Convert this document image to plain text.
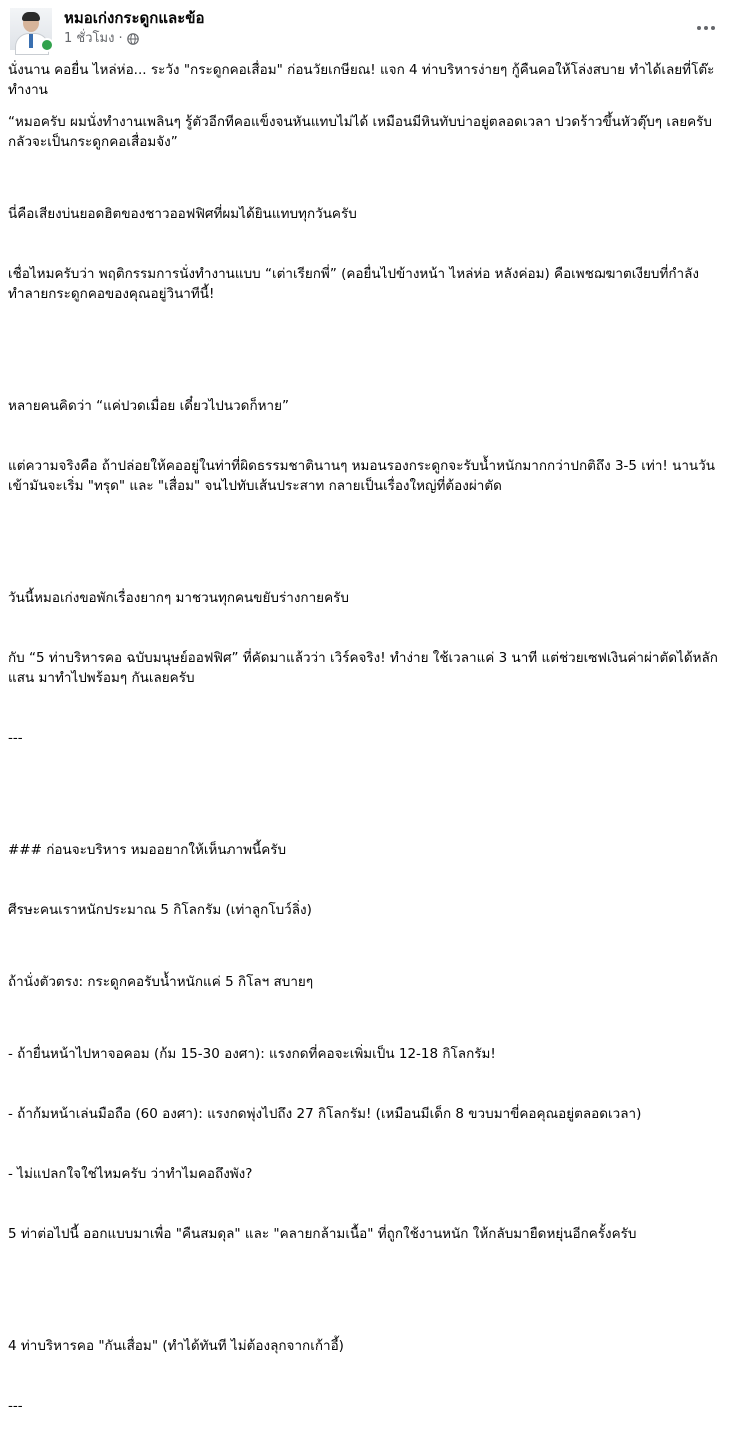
หมอเก่งกระดูกและข้อ
1 ชั่วโมง ·

นั่งนาน คอยื่น ไหล่ห่อ... ระวัง "กระดูกคอเสื่อม" ก่อนวัยเกษียณ! แจก 4 ท่าบริหารง่ายๆ กู้คืนคอให้โล่งสบาย ทำได้เลยที่โต๊ะทำงาน

“หมอครับ ผมนั่งทำงานเพลินๆ รู้ตัวอีกทีคอแข็งจนหันแทบไม่ได้ เหมือนมีหินทับบ่าอยู่ตลอดเวลา ปวดร้าวขึ้นหัวตุ๊บๆ เลยครับ กลัวจะเป็นกระดูกคอเสื่อมจัง”

นี่คือเสียงบ่นยอดฮิตของชาวออฟฟิศที่ผมได้ยินแทบทุกวันครับ

เชื่อไหมครับว่า พฤติกรรมการนั่งทำงานแบบ “เต่าเรียกพี่” (คอยื่นไปข้างหน้า ไหล่ห่อ หลังค่อม) คือเพชฌฆาตเงียบที่กำลังทำลายกระดูกคอของคุณอยู่วินาทีนี้!

หลายคนคิดว่า “แค่ปวดเมื่อย เดี๋ยวไปนวดก็หาย”

แต่ความจริงคือ ถ้าปล่อยให้คออยู่ในท่าที่ผิดธรรมชาตินานๆ หมอนรองกระดูกจะรับน้ำหนักมากกว่าปกติถึง 3-5 เท่า! นานวันเข้ามันจะเริ่ม "ทรุด" และ "เสื่อม" จนไปทับเส้นประสาท กลายเป็นเรื่องใหญ่ที่ต้องผ่าตัด

วันนี้หมอเก่งขอพักเรื่องยากๆ มาชวนทุกคนขยับร่างกายครับ

กับ “5 ท่าบริหารคอ ฉบับมนุษย์ออฟฟิศ” ที่คัดมาแล้วว่า เวิร์คจริง! ทำง่าย ใช้เวลาแค่ 3 นาที แต่ช่วยเซฟเงินค่าผ่าตัดได้หลักแสน มาทำไปพร้อมๆ กันเลยครับ

---

### ก่อนจะบริหาร หมออยากให้เห็นภาพนี้ครับ

ศีรษะคนเราหนักประมาณ 5 กิโลกรัม (เท่าลูกโบว์ลิ่ง)

ถ้านั่งตัวตรง: กระดูกคอรับน้ำหนักแค่ 5 กิโลฯ สบายๆ

- ถ้ายื่นหน้าไปหาจอคอม (ก้ม 15-30 องศา): แรงกดที่คอจะเพิ่มเป็น 12-18 กิโลกรัม!

- ถ้าก้มหน้าเล่นมือถือ (60 องศา): แรงกดพุ่งไปถึง 27 กิโลกรัม! (เหมือนมีเด็ก 8 ขวบมาขี่คอคุณอยู่ตลอดเวลา)

- ไม่แปลกใจใช่ไหมครับ ว่าทำไมคอถึงพัง?

5 ท่าต่อไปนี้ ออกแบบมาเพื่อ "คืนสมดุล" และ "คลายกล้ามเนื้อ" ที่ถูกใช้งานหนัก ให้กลับมายืดหยุ่นอีกครั้งครับ

4 ท่าบริหารคอ "กันเสื่อม" (ทำได้ทันที ไม่ต้องลุกจากเก้าอี้)

---
